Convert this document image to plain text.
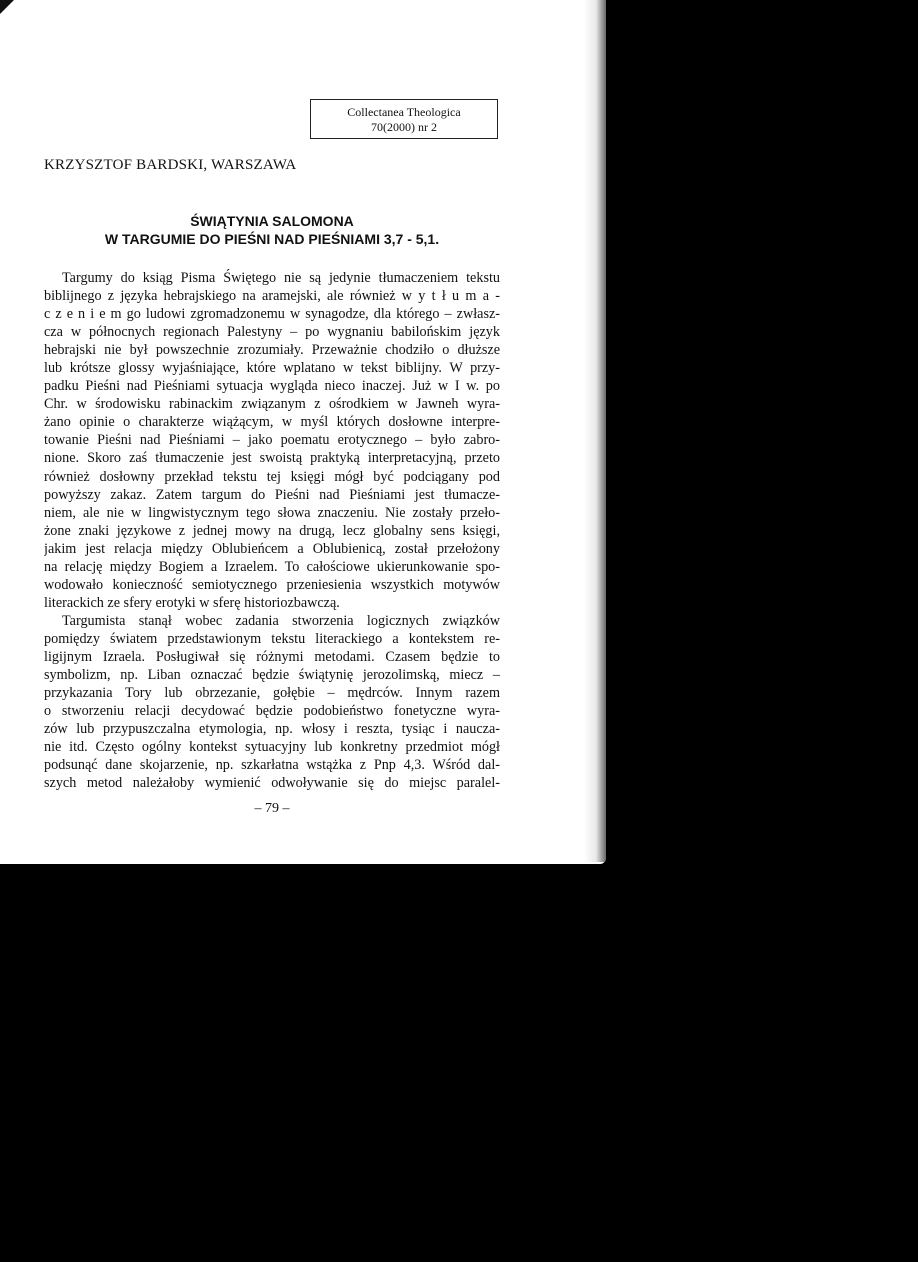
Collectanea Theologica
70(2000) nr 2
KRZYSZTOF BARDSKI, WARSZAWA
ŚWIĄTYNIA SALOMONA
W TARGUMIE DO PIEŚNI NAD PIEŚNIAMI 3,7 - 5,1.
Targumy do ksiąg Pisma Świętego nie są jedynie tłumaczeniem tekstu
biblijnego z języka hebrajskiego na aramejski, ale również w y t ł u m a -
c z e n i e m go ludowi zgromadzonemu w synagodze, dla którego – zwłasz-
cza w północnych regionach Palestyny – po wygnaniu babilońskim język
hebrajski nie był powszechnie zrozumiały. Przeważnie chodziło o dłuższe
lub krótsze glossy wyjaśniające, które wplatano w tekst biblijny. W przy-
padku Pieśni nad Pieśniami sytuacja wygląda nieco inaczej. Już w I w. po
Chr. w środowisku rabinackim związanym z ośrodkiem w Jawneh wyra-
żano opinie o charakterze wiążącym, w myśl których dosłowne interpre-
towanie Pieśni nad Pieśniami – jako poematu erotycznego – było zabro-
nione. Skoro zaś tłumaczenie jest swoistą praktyką interpretacyjną, przeto
również dosłowny przekład tekstu tej księgi mógł być podciągany pod
powyższy zakaz. Zatem targum do Pieśni nad Pieśniami jest tłumacze-
niem, ale nie w lingwistycznym tego słowa znaczeniu. Nie zostały przeło-
żone znaki językowe z jednej mowy na drugą, lecz globalny sens księgi,
jakim jest relacja między Oblubieńcem a Oblubienicą, został przełożony
na relację między Bogiem a Izraelem. To całościowe ukierunkowanie spo-
wodowało konieczność semiotycznego przeniesienia wszystkich motywów
literackich ze sfery erotyki w sferę historiozbawczą.
Targumista stanął wobec zadania stworzenia logicznych związków
pomiędzy światem przedstawionym tekstu literackiego a kontekstem re-
ligijnym Izraela. Posługiwał się różnymi metodami. Czasem będzie to
symbolizm, np. Liban oznaczać będzie świątynię jerozolimską, miecz –
przykazania Tory lub obrzezanie, gołębie – mędrców. Innym razem
o stworzeniu relacji decydować będzie podobieństwo fonetyczne wyra-
zów lub przypuszczalna etymologia, np. włosy i reszta, tysiąc i naucza-
nie itd. Często ogólny kontekst sytuacyjny lub konkretny przedmiot mógł
podsunąć dane skojarzenie, np. szkarłatna wstążka z Pnp 4,3. Wśród dal-
szych metod należałoby wymienić odwoływanie się do miejsc paralel-
– 79 –
